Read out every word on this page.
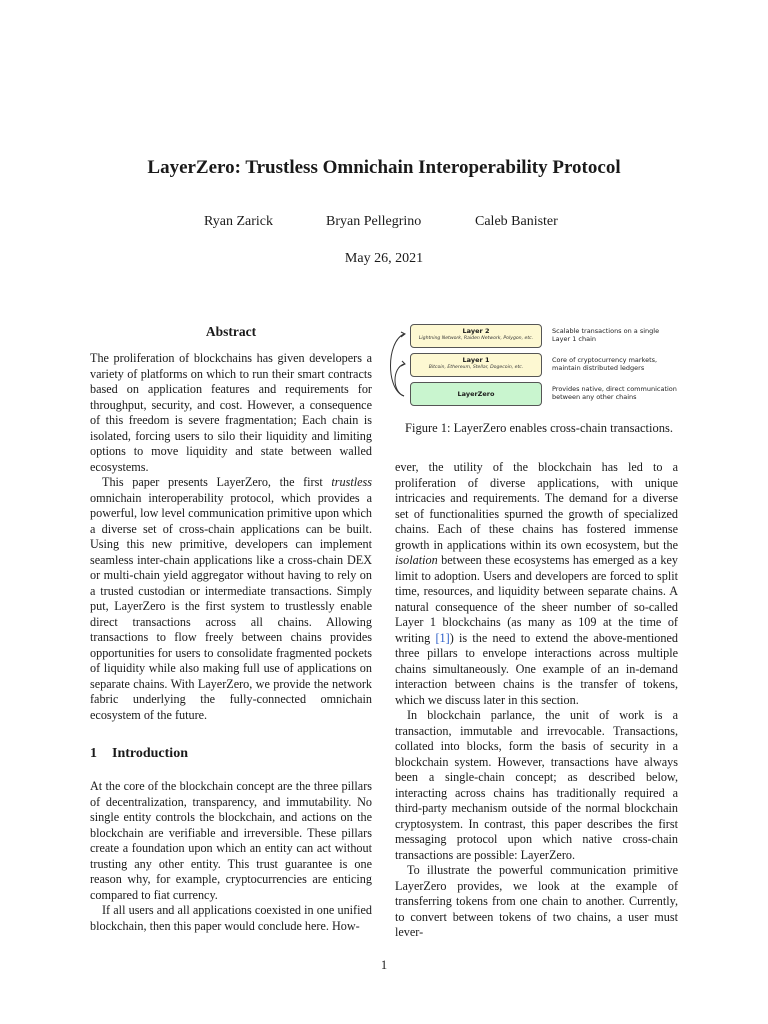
LayerZero: Trustless Omnichain Interoperability Protocol
Ryan Zarick	Bryan Pellegrino	Caleb Banister
May 26, 2021
Abstract

The proliferation of blockchains has given developers a variety of platforms on which to run their smart contracts based on application features and requirements for throughput, security, and cost. However, a consequence of this freedom is severe fragmentation; Each chain is isolated, forcing users to silo their liquidity and limiting options to move liquidity and state between walled ecosystems.

This paper presents LayerZero, the first trustless omnichain interoperability protocol, which provides a powerful, low level communication primitive upon which a diverse set of cross-chain applications can be built. Using this new primitive, developers can implement seamless inter-chain applications like a cross-chain DEX or multi-chain yield aggregator without having to rely on a trusted custodian or intermediate transactions. Simply put, LayerZero is the first system to trustlessly enable direct transactions across all chains. Allowing transactions to flow freely between chains provides opportunities for users to consolidate fragmented pockets of liquidity while also making full use of applications on separate chains. With LayerZero, we provide the network fabric underlying the fully-connected omnichain ecosystem of the future.

1 Introduction

At the core of the blockchain concept are the three pillars of decentralization, transparency, and immutability. No single entity controls the blockchain, and actions on the blockchain are verifiable and irreversible. These pillars create a foundation upon which an entity can act without trusting any other entity. This trust guarantee is one reason why, for example, cryptocurrencies are enticing compared to fiat currency.

If all users and all applications coexisted in one unified blockchain, then this paper would conclude here. How-

Layer 2
Lightning Network, Raiden Network, Polygon, etc.
Layer 1
Bitcoin, Ethereum, Stellar, Dogecoin, etc.
LayerZero
Scalable transactions on a single
Layer 1 chain
Core of cryptocurrency markets,
maintain distributed ledgers
Provides native, direct communication
between any other chains
Figure 1: LayerZero enables cross-chain transactions.

ever, the utility of the blockchain has led to a proliferation of diverse applications, with unique intricacies and requirements. The demand for a diverse set of functionalities spurned the growth of specialized chains. Each of these chains has fostered immense growth in applications within its own ecosystem, but the isolation between these ecosystems has emerged as a key limit to adoption. Users and developers are forced to split time, resources, and liquidity between separate chains. A natural consequence of the sheer number of so-called Layer 1 blockchains (as many as 109 at the time of writing [1]) is the need to extend the above-mentioned three pillars to envelope interactions across multiple chains simultaneously. One example of an in-demand interaction between chains is the transfer of tokens, which we discuss later in this section.

In blockchain parlance, the unit of work is a transaction, immutable and irrevocable. Transactions, collated into blocks, form the basis of security in a blockchain system. However, transactions have always been a single-chain concept; as described below, interacting across chains has traditionally required a third-party mechanism outside of the normal blockchain cryptosystem. In contrast, this paper describes the first messaging protocol upon which native cross-chain transactions are possible: LayerZero.

To illustrate the powerful communication primitive LayerZero provides, we look at the example of transferring tokens from one chain to another. Currently, to convert between tokens of two chains, a user must lever-

1
